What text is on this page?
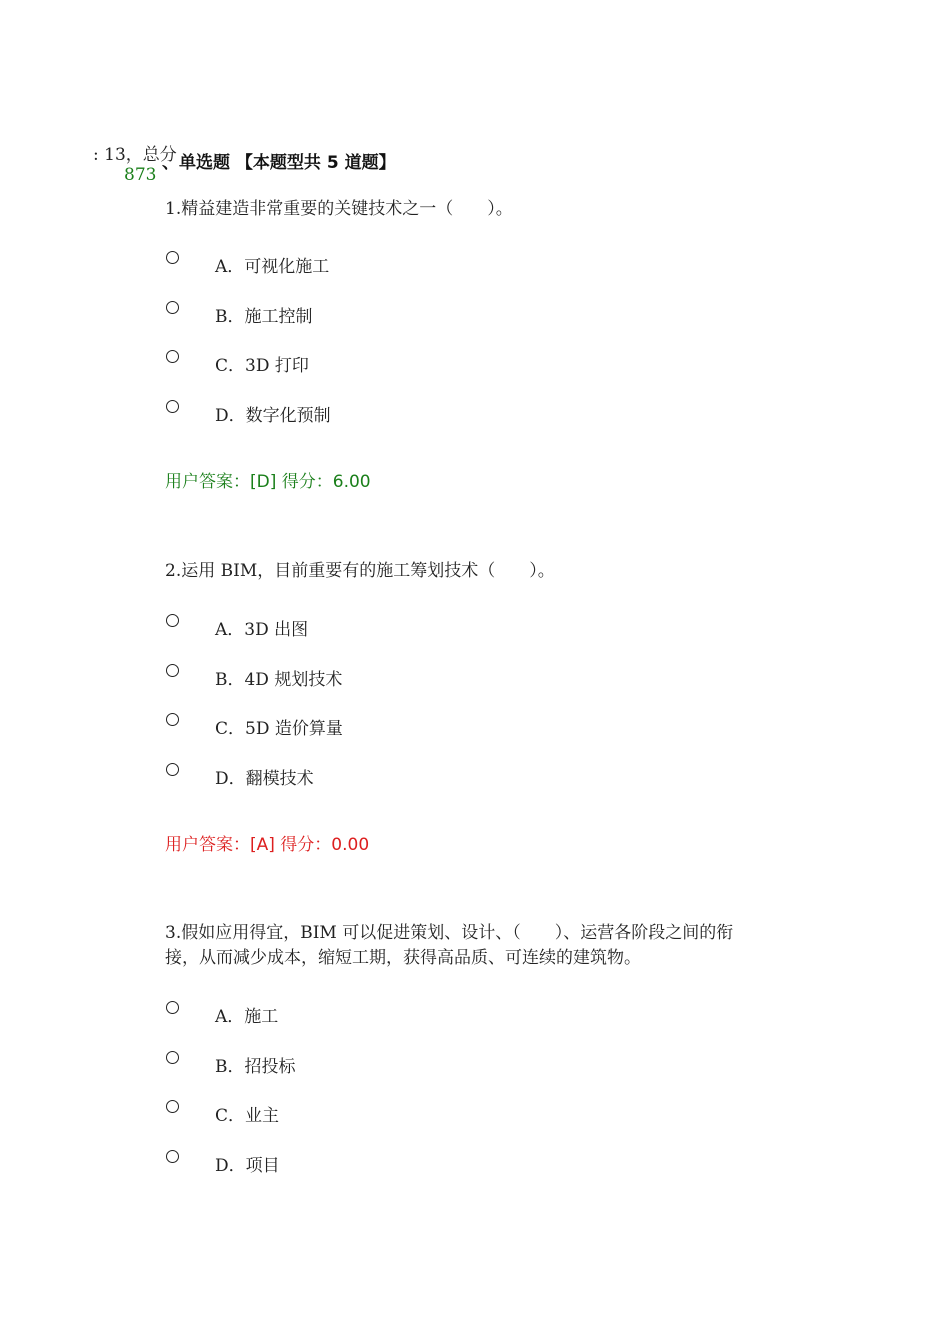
: 13，总分
873
、单选题 【本题型共 5 道题】
1.精益建造非常重要的关键技术之一（　　）。
A．可视化施工
B．施工控制
C．3D 打印
D．数字化预制
用户答案：[D] 得分：6.00
2.运用 BIM，目前重要有的施工筹划技术（　　）。
A．3D 出图
B．4D 规划技术
C．5D 造价算量
D．翻模技术
用户答案：[A] 得分：0.00
3.假如应用得宜，BIM 可以促进策划、设计、（　　）、运营各阶段之间的衔
接，从而减少成本，缩短工期，获得高品质、可连续的建筑物。
A．施工
B．招投标
C．业主
D．项目
